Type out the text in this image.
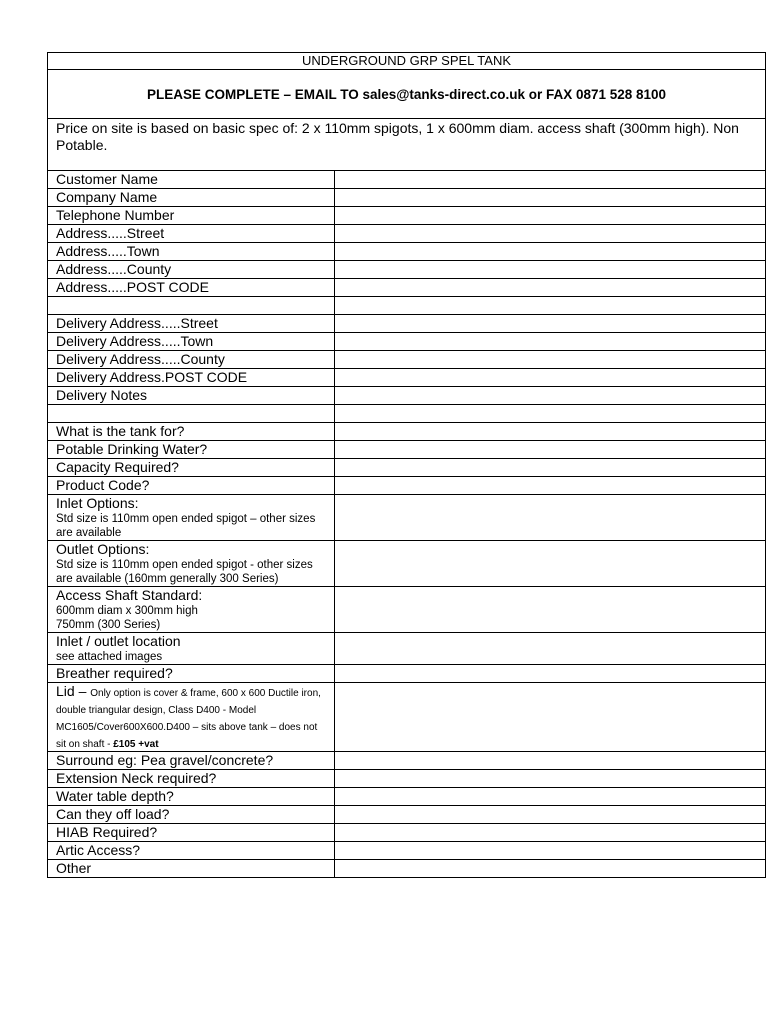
UNDERGROUND GRP SPEL TANK	
PLEASE COMPLETE – EMAIL TO sales@tanks-direct.co.uk or FAX 0871 528 8100	
Price on site is based on basic spec of: 2 x 110mm spigots, 1 x 600mm diam. access shaft (300mm high). Non Potable.	
Customer Name	
Company Name	
Telephone Number	
Address.....Street	
Address.....Town	
Address.....County	
Address.....POST CODE	

Delivery Address.....Street	
Delivery Address.....Town	
Delivery Address.....County	
Delivery Address.POST CODE	
Delivery Notes	

What is the tank for?	
Potable Drinking Water?	
Capacity Required?	
Product Code?	

Inlet Options:
Std size is 110mm open ended spigot – other sizes are available	

Outlet Options:
Std size is 110mm open ended spigot - other sizes are available (160mm generally 300 Series)	

Access Shaft Standard:
600mm diam x 300mm high
750mm (300 Series)	

Inlet / outlet location
see attached images	

Breather required?	
Lid – Only option is cover & frame, 600 x 600 Ductile iron, double triangular design, Class D400 - Model MC1605/Cover600X600.D400 – sits above tank – does not sit on shaft - £105 +vat	
Surround eg: Pea gravel/concrete?	
Extension Neck required?	
Water table depth?	
Can they off load?	
HIAB Required?	
Artic Access?	
Other	
